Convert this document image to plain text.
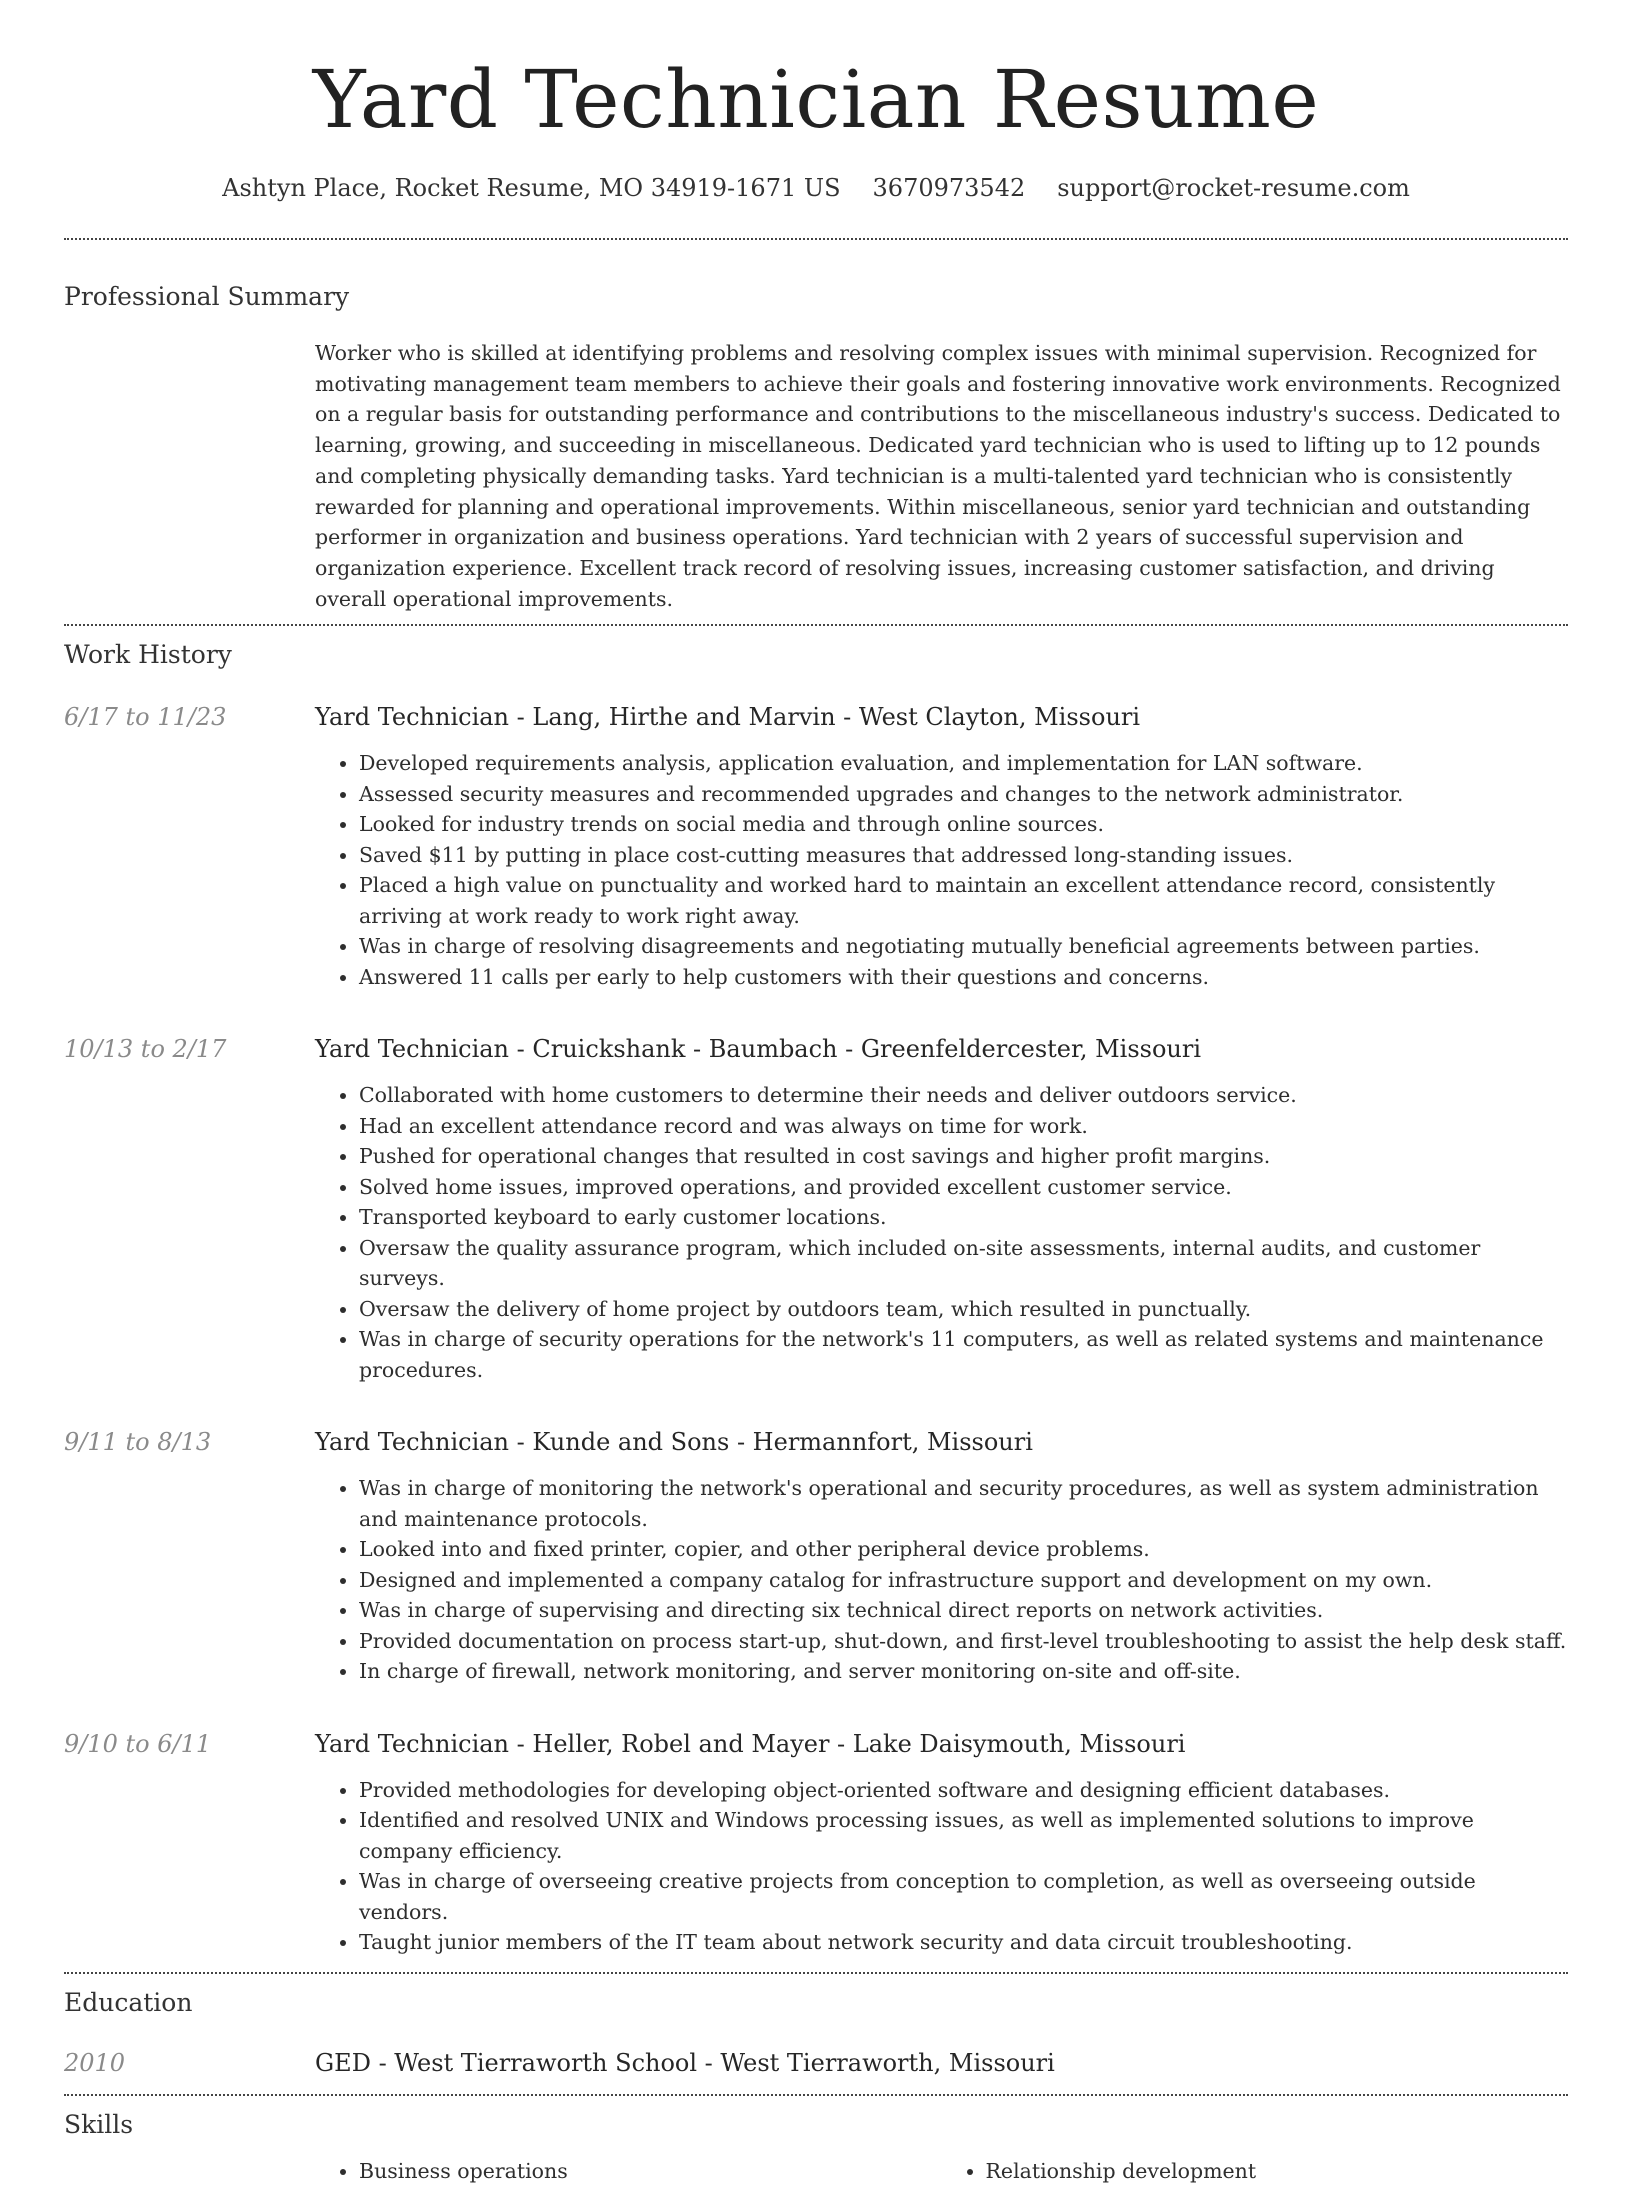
Yard Technician Resume
Ashtyn Place, Rocket Resume, MO 34919-1671 US 3670973542 support@rocket-resume.com
Professional Summary
Worker who is skilled at identifying problems and resolving complex issues with minimal supervision. Recognized for motivating management team members to achieve their goals and fostering innovative work environments. Recognized on a regular basis for outstanding performance and contributions to the miscellaneous industry's success. Dedicated to learning, growing, and succeeding in miscellaneous. Dedicated yard technician who is used to lifting up to 12 pounds and completing physically demanding tasks. Yard technician is a multi-talented yard technician who is consistently rewarded for planning and operational improvements. Within miscellaneous, senior yard technician and outstanding performer in organization and business operations. Yard technician with 2 years of successful supervision and organization experience. Excellent track record of resolving issues, increasing customer satisfaction, and driving overall operational improvements.
Work History
6/17 to 11/23	Yard Technician - Lang, Hirthe and Marvin - West Clayton, Missouri
• Developed requirements analysis, application evaluation, and implementation for LAN software.
• Assessed security measures and recommended upgrades and changes to the network administrator.
• Looked for industry trends on social media and through online sources.
• Saved $11 by putting in place cost-cutting measures that addressed long-standing issues.
• Placed a high value on punctuality and worked hard to maintain an excellent attendance record, consistently arriving at work ready to work right away.
• Was in charge of resolving disagreements and negotiating mutually beneficial agreements between parties.
• Answered 11 calls per early to help customers with their questions and concerns.
10/13 to 2/17	Yard Technician - Cruickshank - Baumbach - Greenfeldercester, Missouri
• Collaborated with home customers to determine their needs and deliver outdoors service.
• Had an excellent attendance record and was always on time for work.
• Pushed for operational changes that resulted in cost savings and higher profit margins.
• Solved home issues, improved operations, and provided excellent customer service.
• Transported keyboard to early customer locations.
• Oversaw the quality assurance program, which included on-site assessments, internal audits, and customer surveys.
• Oversaw the delivery of home project by outdoors team, which resulted in punctually.
• Was in charge of security operations for the network's 11 computers, as well as related systems and maintenance procedures.
9/11 to 8/13	Yard Technician - Kunde and Sons - Hermannfort, Missouri
• Was in charge of monitoring the network's operational and security procedures, as well as system administration and maintenance protocols.
• Looked into and fixed printer, copier, and other peripheral device problems.
• Designed and implemented a company catalog for infrastructure support and development on my own.
• Was in charge of supervising and directing six technical direct reports on network activities.
• Provided documentation on process start-up, shut-down, and first-level troubleshooting to assist the help desk staff.
• In charge of firewall, network monitoring, and server monitoring on-site and off-site.
9/10 to 6/11	Yard Technician - Heller, Robel and Mayer - Lake Daisymouth, Missouri
• Provided methodologies for developing object-oriented software and designing efficient databases.
• Identified and resolved UNIX and Windows processing issues, as well as implemented solutions to improve company efficiency.
• Was in charge of overseeing creative projects from conception to completion, as well as overseeing outside vendors.
• Taught junior members of the IT team about network security and data circuit troubleshooting.
Education
2010	GED - West Tierraworth School - West Tierraworth, Missouri
Skills
• Business operations
•	Relationship development
